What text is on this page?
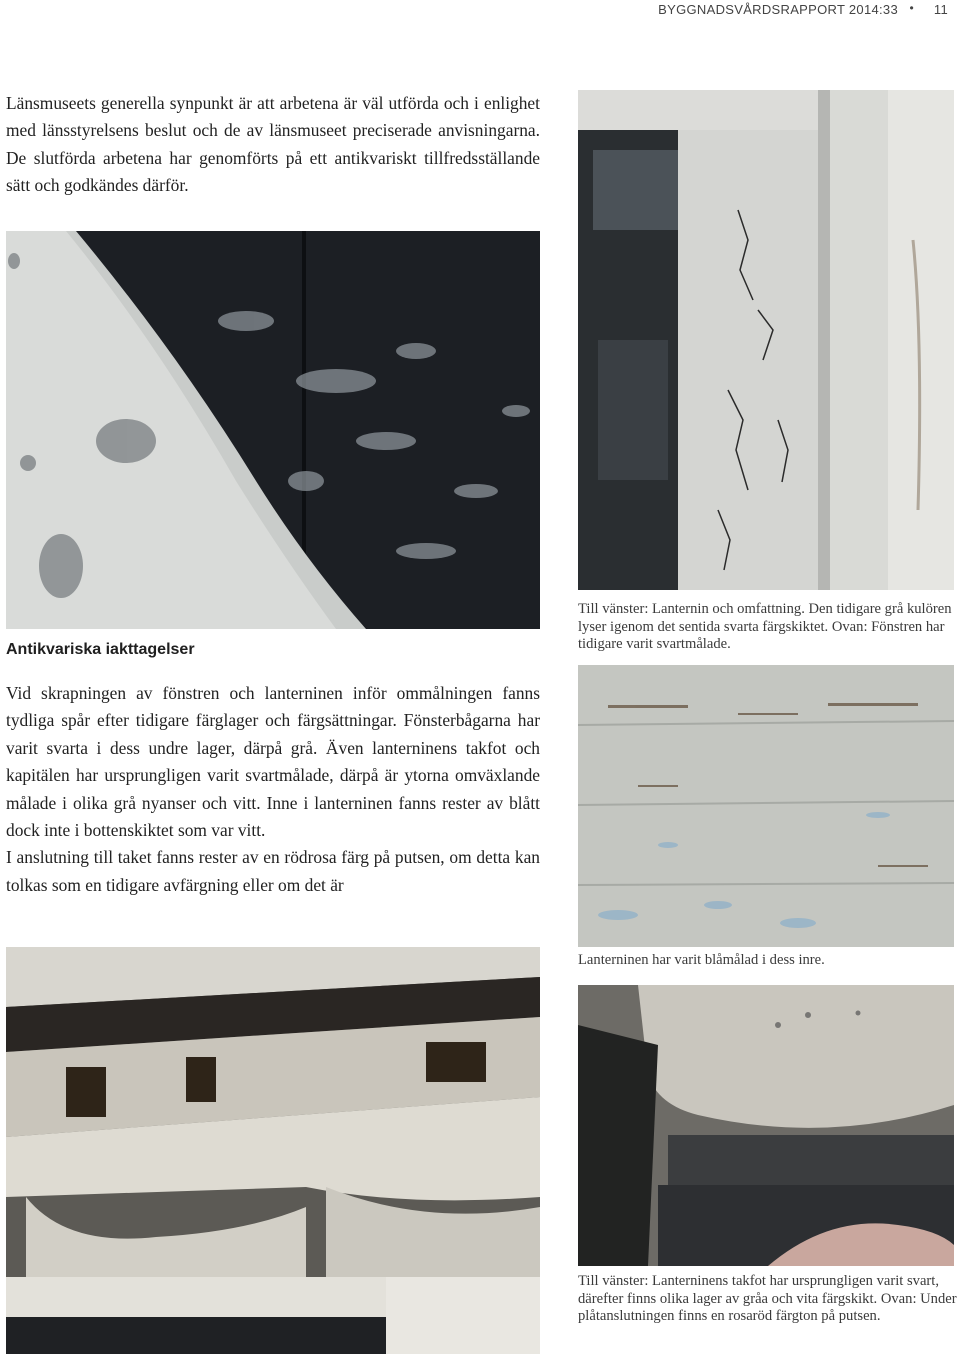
BYGGNADSVÅRDSRAPPORT 2014:33 • 11
Länsmuseets generella synpunkt är att arbetena är väl utförda och i enlighet med länsstyrelsens beslut och de av länsmuseet preciserade anvisningarna. De slutförda arbetena har genomförts på ett antikvariskt tillfredsställande sätt och godkändes därför.
Till vänster: Lanternin och omfattning. Den tidigare grå kulören lyser igenom det sentida svarta färgskiktet. Ovan: Fönstren har tidigare varit svartmålade.
Antikvariska iakttagelser

Vid skrapningen av fönstren och lanterninen inför ommålningen fanns tydliga spår efter tidigare färglager och färgsättningar. Fönsterbågarna har varit svarta i dess undre lager, därpå grå. Även lanterninens takfot och kapitälen har ursprungligen varit svartmålade, därpå är ytorna omväxlande målade i olika grå nyanser och vitt. Inne i lanterninen fanns rester av blått dock inte i bottenskiktet som var vitt.

I anslutning till taket fanns rester av en rödrosa färg på putsen, om detta kan tolkas som en tidigare avfärgning eller om det är

Lanterninen har varit blåmålad i dess inre.
Till vänster: Lanterninens takfot har ursprungligen varit svart, därefter finns olika lager av gråa och vita färgskikt. Ovan: Under plåtanslutningen finns en rosaröd färgton på putsen.
